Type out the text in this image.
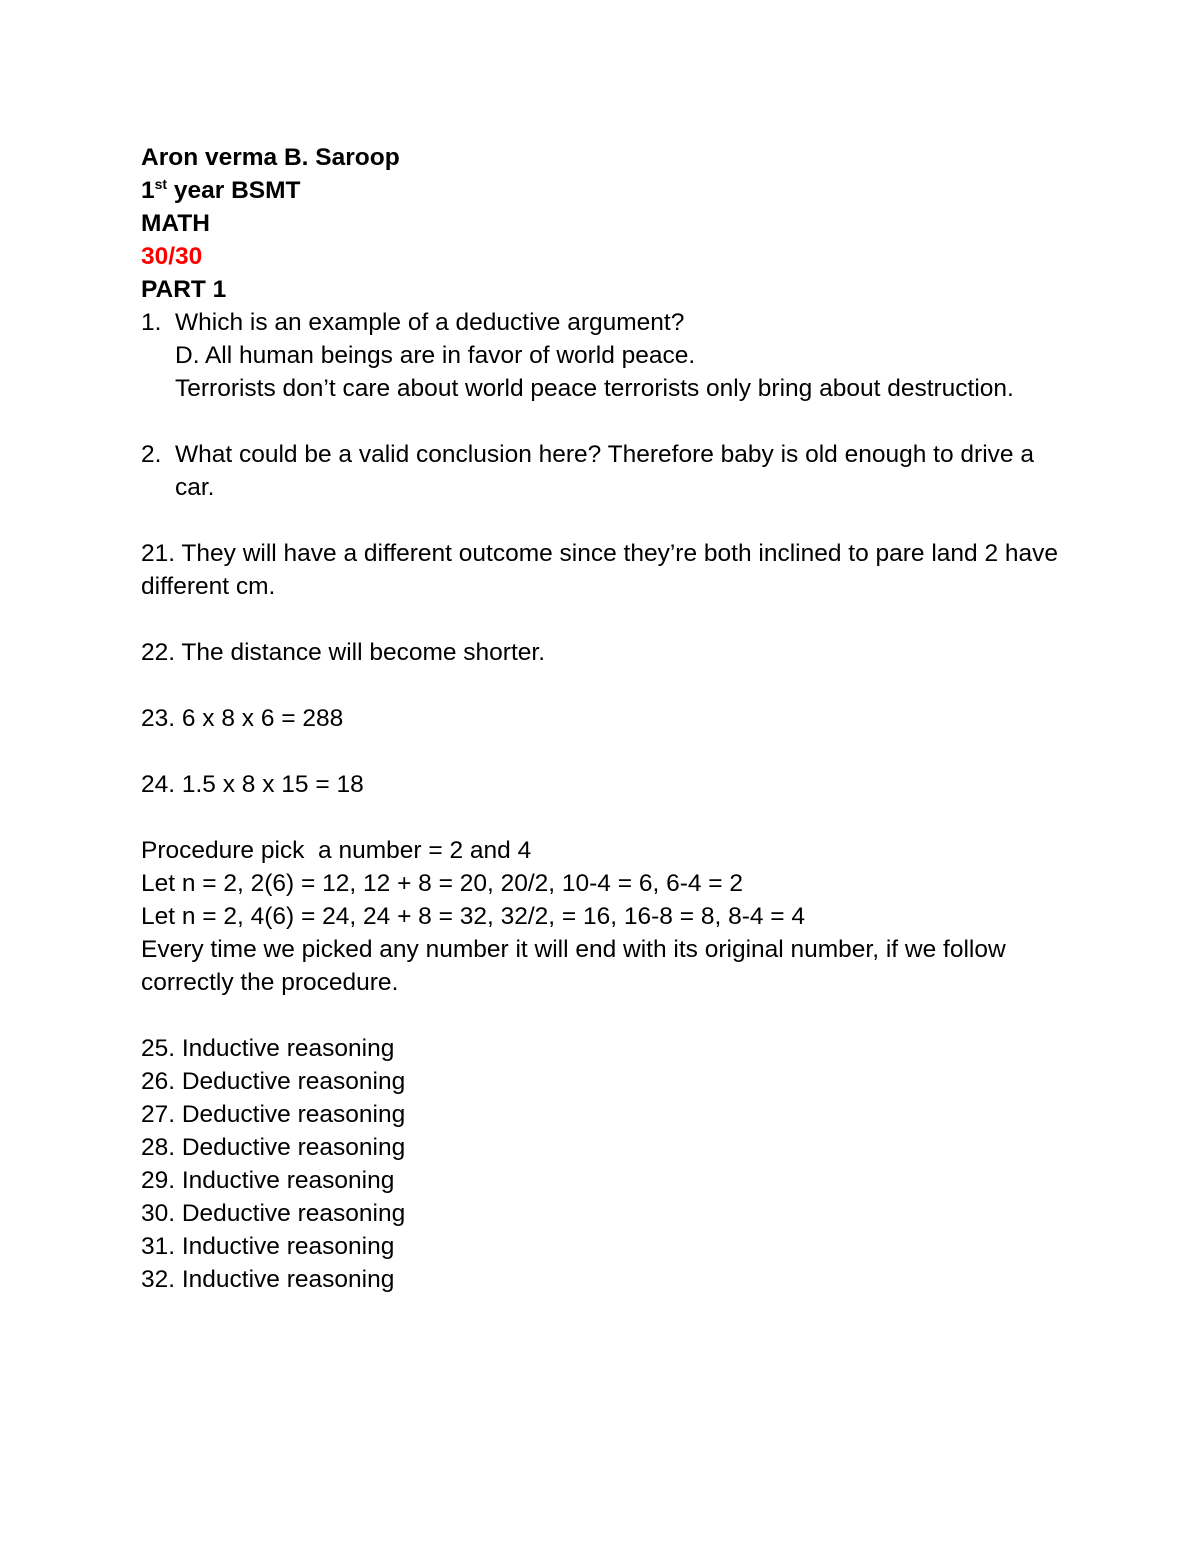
Aron verma B. Saroop

1st year BSMT

MATH

30/30

PART 1

1. Which is an example of a deductive argument?

D. All human beings are in favor of world peace.

Terrorists don’t care about world peace terrorists only bring about destruction.

2. What could be a valid conclusion here? Therefore baby is old enough to drive a car.

21. They will have a different outcome since they’re both inclined to pare land 2 have different cm.

22. The distance will become shorter.

23. 6 x 8 x 6 = 288

24. 1.5 x 8 x 15 = 18

Procedure pick  a number = 2 and 4

Let n = 2, 2(6) = 12, 12 + 8 = 20, 20/2, 10-4 = 6, 6-4 = 2

Let n = 2, 4(6) = 24, 24 + 8 = 32, 32/2, = 16, 16-8 = 8, 8-4 = 4

Every time we picked any number it will end with its original number, if we follow correctly the procedure.

25. Inductive reasoning

26. Deductive reasoning

27. Deductive reasoning

28. Deductive reasoning

29. Inductive reasoning

30. Deductive reasoning

31. Inductive reasoning

32. Inductive reasoning
